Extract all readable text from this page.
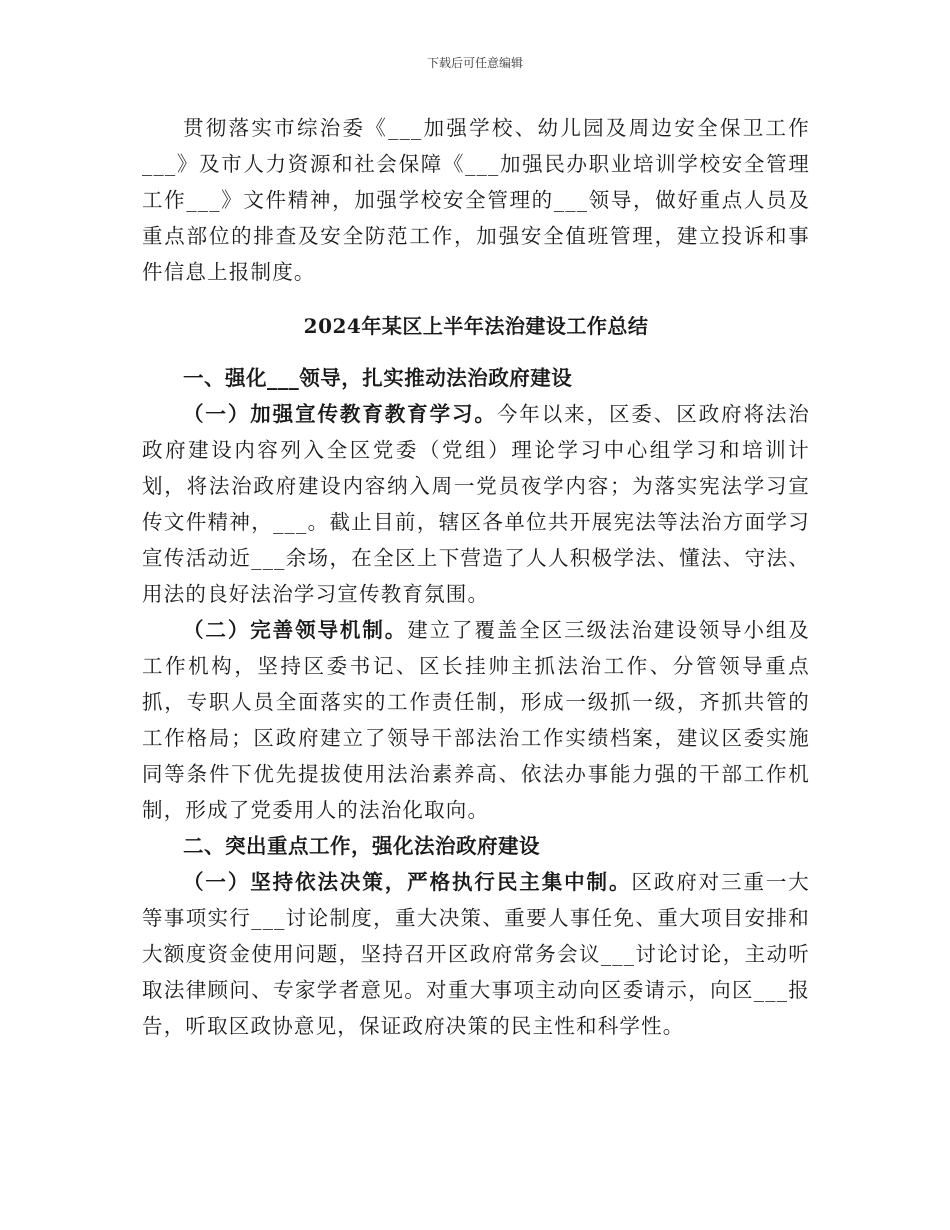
下载后可任意编辑

贯彻落实市综治委《___加强学校、幼儿园及周边安全保卫工作___》及市人力资源和社会保障《___加强民办职业培训学校安全管理工作___》文件精神，加强学校安全管理的___领导，做好重点人员及重点部位的排查及安全防范工作，加强安全值班管理，建立投诉和事件信息上报制度。

2024年某区上半年法治建设工作总结
一、强化___领导，扎实推动法治政府建设

（一）加强宣传教育教育学习。今年以来，区委、区政府将法治政府建设内容列入全区党委（党组）理论学习中心组学习和培训计划，将法治政府建设内容纳入周一党员夜学内容；为落实宪法学习宣传文件精神，___。截止目前，辖区各单位共开展宪法等法治方面学习宣传活动近___余场，在全区上下营造了人人积极学法、懂法、守法、用法的良好法治学习宣传教育氛围。

（二）完善领导机制。建立了覆盖全区三级法治建设领导小组及工作机构，坚持区委书记、区长挂帅主抓法治工作、分管领导重点抓，专职人员全面落实的工作责任制，形成一级抓一级，齐抓共管的工作格局；区政府建立了领导干部法治工作实绩档案，建议区委实施同等条件下优先提拔使用法治素养高、依法办事能力强的干部工作机制，形成了党委用人的法治化取向。

二、突出重点工作，强化法治政府建设

（一）坚持依法决策，严格执行民主集中制。区政府对三重一大等事项实行___讨论制度，重大决策、重要人事任免、重大项目安排和大额度资金使用问题，坚持召开区政府常务会议___讨论讨论，主动听取法律顾问、专家学者意见。对重大事项主动向区委请示，向区___报告，听取区政协意见，保证政府决策的民主性和科学性。
